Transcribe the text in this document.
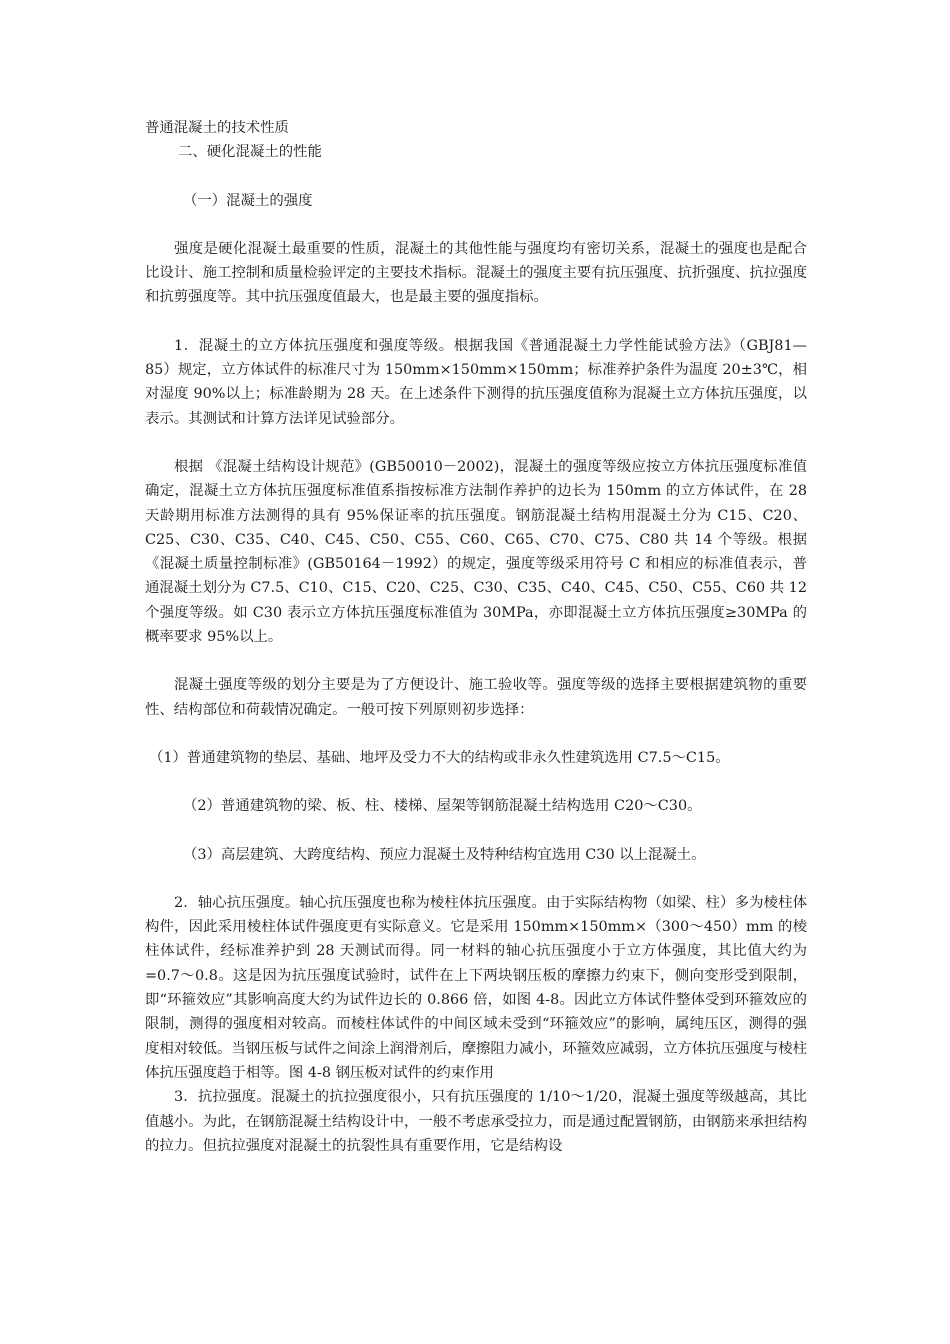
普通混凝土的技术性质
二、硬化混凝土的性能
（一）混凝土的强度

强度是硬化混凝土最重要的性质，混凝土的其他性能与强度均有密切关系，混凝土的强度也是配合比设计、施工控制和质量检验评定的主要技术指标。混凝土的强度主要有抗压强度、抗折强度、抗拉强度和抗剪强度等。其中抗压强度值最大，也是最主要的强度指标。

1．混凝土的立方体抗压强度和强度等级。根据我国《普通混凝土力学性能试验方法》（GBJ81—85）规定，立方体试件的标准尺寸为 150mm×150mm×150mm；标准养护条件为温度 20±3℃，相对湿度 90%以上；标准龄期为 28 天。在上述条件下测得的抗压强度值称为混凝土立方体抗压强度，以表示。其测试和计算方法详见试验部分。

根据 《混凝土结构设计规范》(GB50010－2002)，混凝土的强度等级应按立方体抗压强度标准值确定，混凝土立方体抗压强度标准值系指按标准方法制作养护的边长为 150mm 的立方体试件，在 28 天龄期用标准方法测得的具有 95%保证率的抗压强度。钢筋混凝土结构用混凝土分为 C15、C20、C25、C30、C35、C40、C45、C50、C55、C60、C65、C70、C75、C80 共 14 个等级。根据《混凝土质量控制标准》(GB50164－1992）的规定，强度等级采用符号 C 和相应的标准值表示，普通混凝土划分为 C7.5、C10、C15、C20、C25、C30、C35、C40、C45、C50、C55、C60 共 12 个强度等级。如 C30 表示立方体抗压强度标准值为 30MPa，亦即混凝土立方体抗压强度≥30MPa 的概率要求 95%以上。

混凝土强度等级的划分主要是为了方便设计、施工验收等。强度等级的选择主要根据建筑物的重要性、结构部位和荷载情况确定。一般可按下列原则初步选择：

（1）普通建筑物的垫层、基础、地坪及受力不大的结构或非永久性建筑选用 C7.5～C15。

（2）普通建筑物的梁、板、柱、楼梯、屋架等钢筋混凝土结构选用 C20～C30。

（3）高层建筑、大跨度结构、预应力混凝土及特种结构宜选用 C30 以上混凝土。

2．轴心抗压强度。轴心抗压强度也称为棱柱体抗压强度。由于实际结构物（如梁、柱）多为棱柱体构件，因此采用棱柱体试件强度更有实际意义。它是采用 150mm×150mm×（300～450）mm 的棱柱体试件，经标准养护到 28 天测试而得。同一材料的轴心抗压强度小于立方体强度，其比值大约为=0.7～0.8。这是因为抗压强度试验时，试件在上下两块钢压板的摩擦力约束下，侧向变形受到限制，即“环箍效应”其影响高度大约为试件边长的 0.866 倍，如图 4-8。因此立方体试件整体受到环箍效应的限制，测得的强度相对较高。而棱柱体试件的中间区域未受到“环箍效应”的影响，属纯压区，测得的强度相对较低。当钢压板与试件之间涂上润滑剂后，摩擦阻力减小，环箍效应减弱，立方体抗压强度与棱柱体抗压强度趋于相等。图 4-8 钢压板对试件的约束作用

3．抗拉强度。混凝土的抗拉强度很小，只有抗压强度的 1/10～1/20，混凝土强度等级越高，其比值越小。为此，在钢筋混凝土结构设计中，一般不考虑承受拉力，而是通过配置钢筋，由钢筋来承担结构的拉力。但抗拉强度对混凝土的抗裂性具有重要作用，它是结构设
